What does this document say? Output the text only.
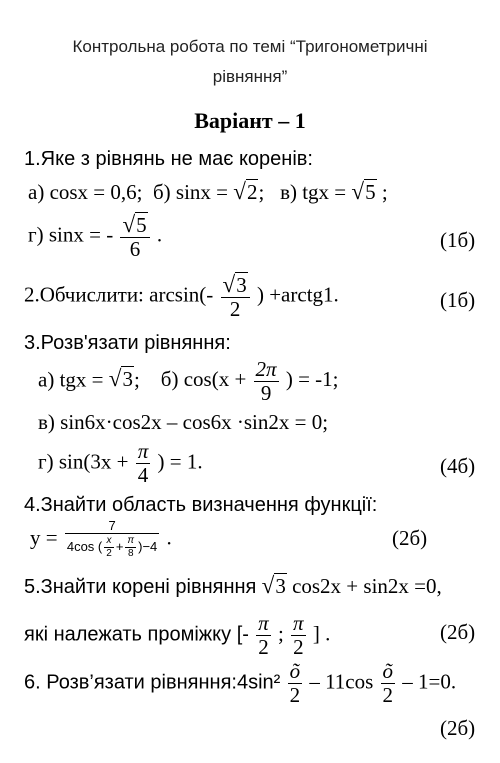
Контрольна робота по темі “Тригонометричні
рівняння”
Варіант – 1
1.Яке з рівнянь не має коренів:
а) cosx = 0,6; б) sinx = √2; в) tgx = √5 ;
г) sinx = - $\frac{√5}{6}$ .	(1б)
2.Обчислити: $\arcsin(- \frac{√3}{2}$ ) +arctg1.	(1б)
3.Розв'язати рівняння:
а) tgx = √3; б) $\cos(x + \frac{2\pi}{9}$ ) = -1;
в) sin6x·cos2x – cos6x ·sin2x = 0;
г) $\sin(3x + \frac{\pi}{4}$ ) = 1.	(4б)
4.Знайти область визначення функції:
$y = \frac{7}{4\cos ( \frac{x}{2} + \frac{\pi}{8} )-4}$ .	(2б)
5.Знайти корені рівняння √3 cos2x + sin2x =0,
які належать проміжку [- $\frac{\pi}{2}$ ; $\frac{\pi}{2}$ ] .	(2б)
6. Розв’язати рівняння:4sin² $\frac{õ}{2} - 11\cos \frac{õ}{2} - 1=0$.
(2б)
